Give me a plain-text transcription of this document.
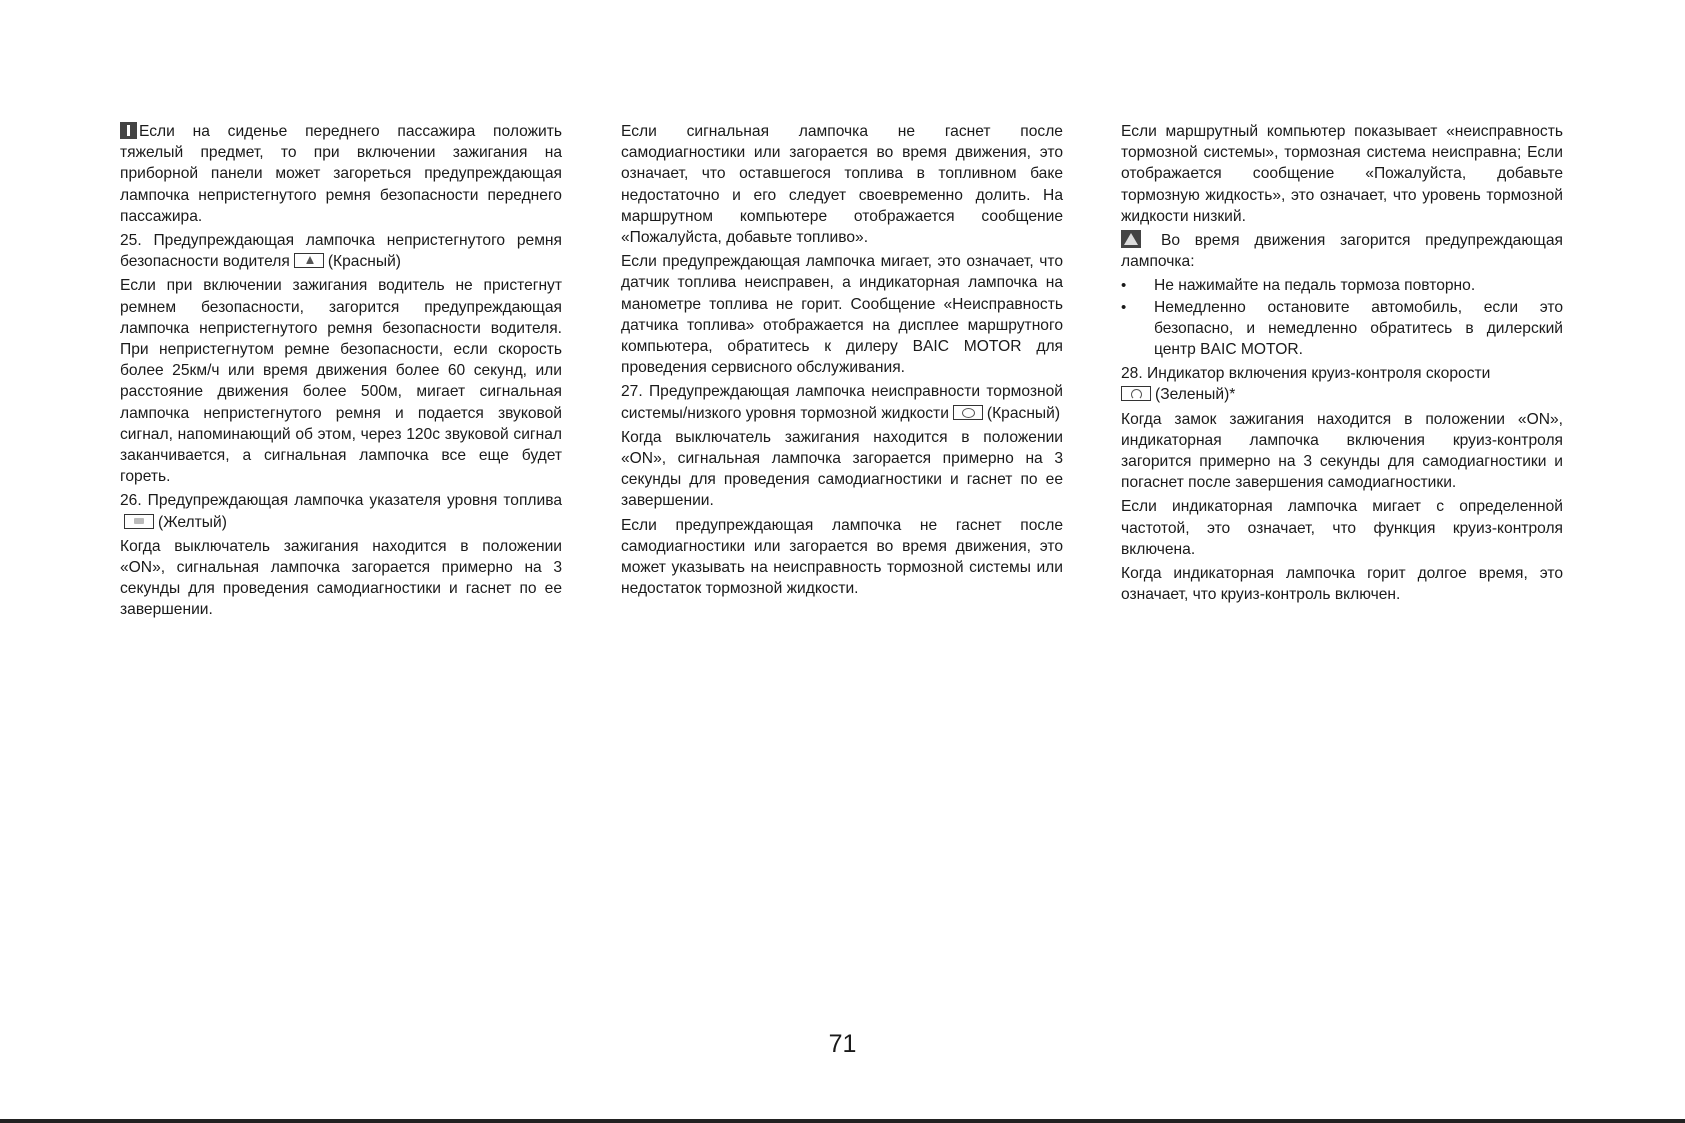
Если на сиденье переднего пассажира положить тяжелый предмет, то при включении зажигания на приборной панели может загореться предупреждающая лампочка непристегнутого ремня безопасности переднего пассажира.

25. Предупреждающая лампочка непристегнутого ремня безопасности водителя (Красный)

Если при включении зажигания водитель не пристегнут ремнем безопасности, загорится предупреждающая лампочка непристегнутого ремня безопасности водителя. При непристегнутом ремне безопасности, если скорость более 25км/ч или время движения более 60 секунд, или расстояние движения более 500м, мигает сигнальная лампочка непристегнутого ремня и подается звуковой сигнал, напоминающий об этом, через 120с звуковой сигнал заканчивается, а сигнальная лампочка все еще будет гореть.

26. Предупреждающая лампочка указателя уровня топлива(Желтый)

Когда выключатель зажигания находится в положении «ON», сигнальная лампочка загорается примерно на 3 секунды для проведения самодиагностики и гаснет по ее завершении.

Если сигнальная лампочка не гаснет после самодиагностики или загорается во время движения, это означает, что оставшегося топлива в топливном баке недостаточно и его следует своевременно долить. На маршрутном компьютере отображается сообщение «Пожалуйста, добавьте топливо».

Если предупреждающая лампочка мигает, это означает, что датчик топлива неисправен, а индикаторная лампочка на манометре топлива не горит. Сообщение «Неисправность датчика топлива» отображается на дисплее маршрутного компьютера, обратитесь к дилеру BAIC MOTOR для проведения сервисного обслуживания.

27. Предупреждающая лампочка неисправности тормозной системы/низкого уровня тормозной жидкости (Красный)

Когда выключатель зажигания находится в положении «ON», сигнальная лампочка загорается примерно на 3 секунды для проведения самодиагностики и гаснет по ее завершении.

Если предупреждающая лампочка не гаснет после самодиагностики или загорается во время движения, это может указывать на неисправность тормозной системы или недостаток тормозной жидкости.

Если маршрутный компьютер показывает «неисправность тормозной системы», тормозная система неисправна; Если отображается сообщение «Пожалуйста, добавьте тормозную жидкость», это означает, что уровень тормозной жидкости низкий.

Во время движения загорится предупреждающая лампочка:

• Не нажимайте на педаль тормоза повторно.
• Немедленно остановите автомобиль, если это безопасно, и немедленно обратитесь в дилерский центр BAIC MOTOR.

28. Индикатор включения круиз-контроля скорости
(Зеленый)*

Когда замок зажигания находится в положении «ON», индикаторная лампочка включения круиз-контроля загорится примерно на 3 секунды для самодиагностики и погаснет после завершения самодиагностики.

Если индикаторная лампочка мигает с определенной частотой, это означает, что функция круиз-контроля включена.

Когда индикаторная лампочка горит долгое время, это означает, что круиз-контроль включен.

71
